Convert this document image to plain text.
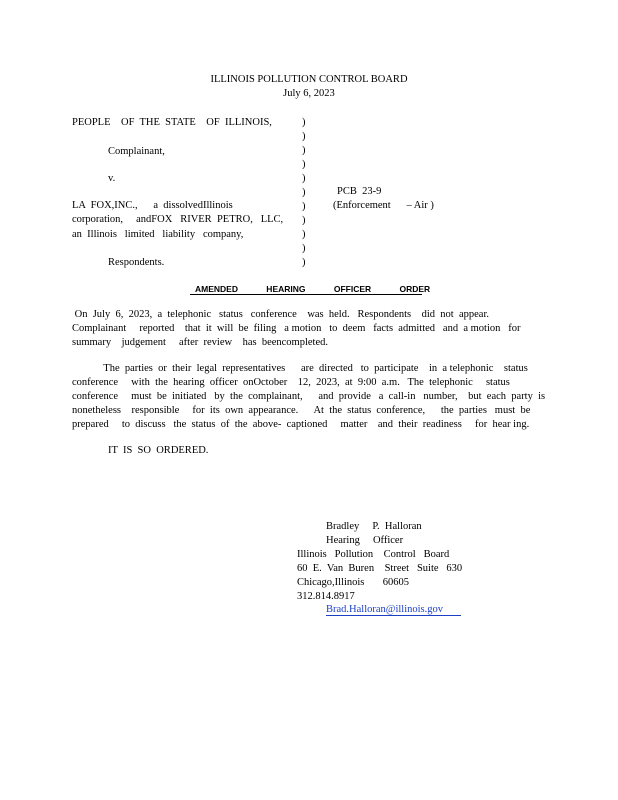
ILLINOIS POLLUTION CONTROL BOARD
July 6, 2023
PEOPLE    OF  THE  STATE    OF  ILLINOIS,
Complainant,
v.
LA  FOX,INC.,      a  dissolvedIllinois
corporation,     andFOX   RIVER  PETRO,   LLC,
an  Illinois   limited   liability   company,
Respondents.
)
)
)
)
)
)
)
)
)
)
)
PCB  23-9
(Enforcement      – Air )
AMENDED            HEARING            OFFICER            ORDER
On  July  6,  2023,  a  telephonic   status   conference    was  held.   Respondents    did  not  appear.
Complainant     reported    that  it  will  be  filing   a motion   to  deem   facts  admitted   and  a motion   for
summary    judgement     after  review    has  beencompleted.
The  parties  or  their  legal  representatives      are  directed   to  participate    in  a telephonic    status
conference     with  the  hearing  officer  onOctober    12,  2023,  at  9:00  a.m.   The  telephonic     status
conference     must  be  initiated   by  the  complainant,      and  provide   a  call-in   number,    but  each  party  is
nonetheless    responsible     for  its  own  appearance.      At  the  status  conference,      the  parties   must  be
prepared     to  discuss   the  status  of  the  above-  captioned     matter    and  their  readiness     for  hear ing.
IT  IS  SO  ORDERED.
Bradley     P.  Halloran
Hearing     Officer
Illinois   Pollution    Control   Board
60  E.  Van  Buren    Street   Suite   630
Chicago,Illinois       60605
312.814.8917
Brad.Halloran@illinois.gov
